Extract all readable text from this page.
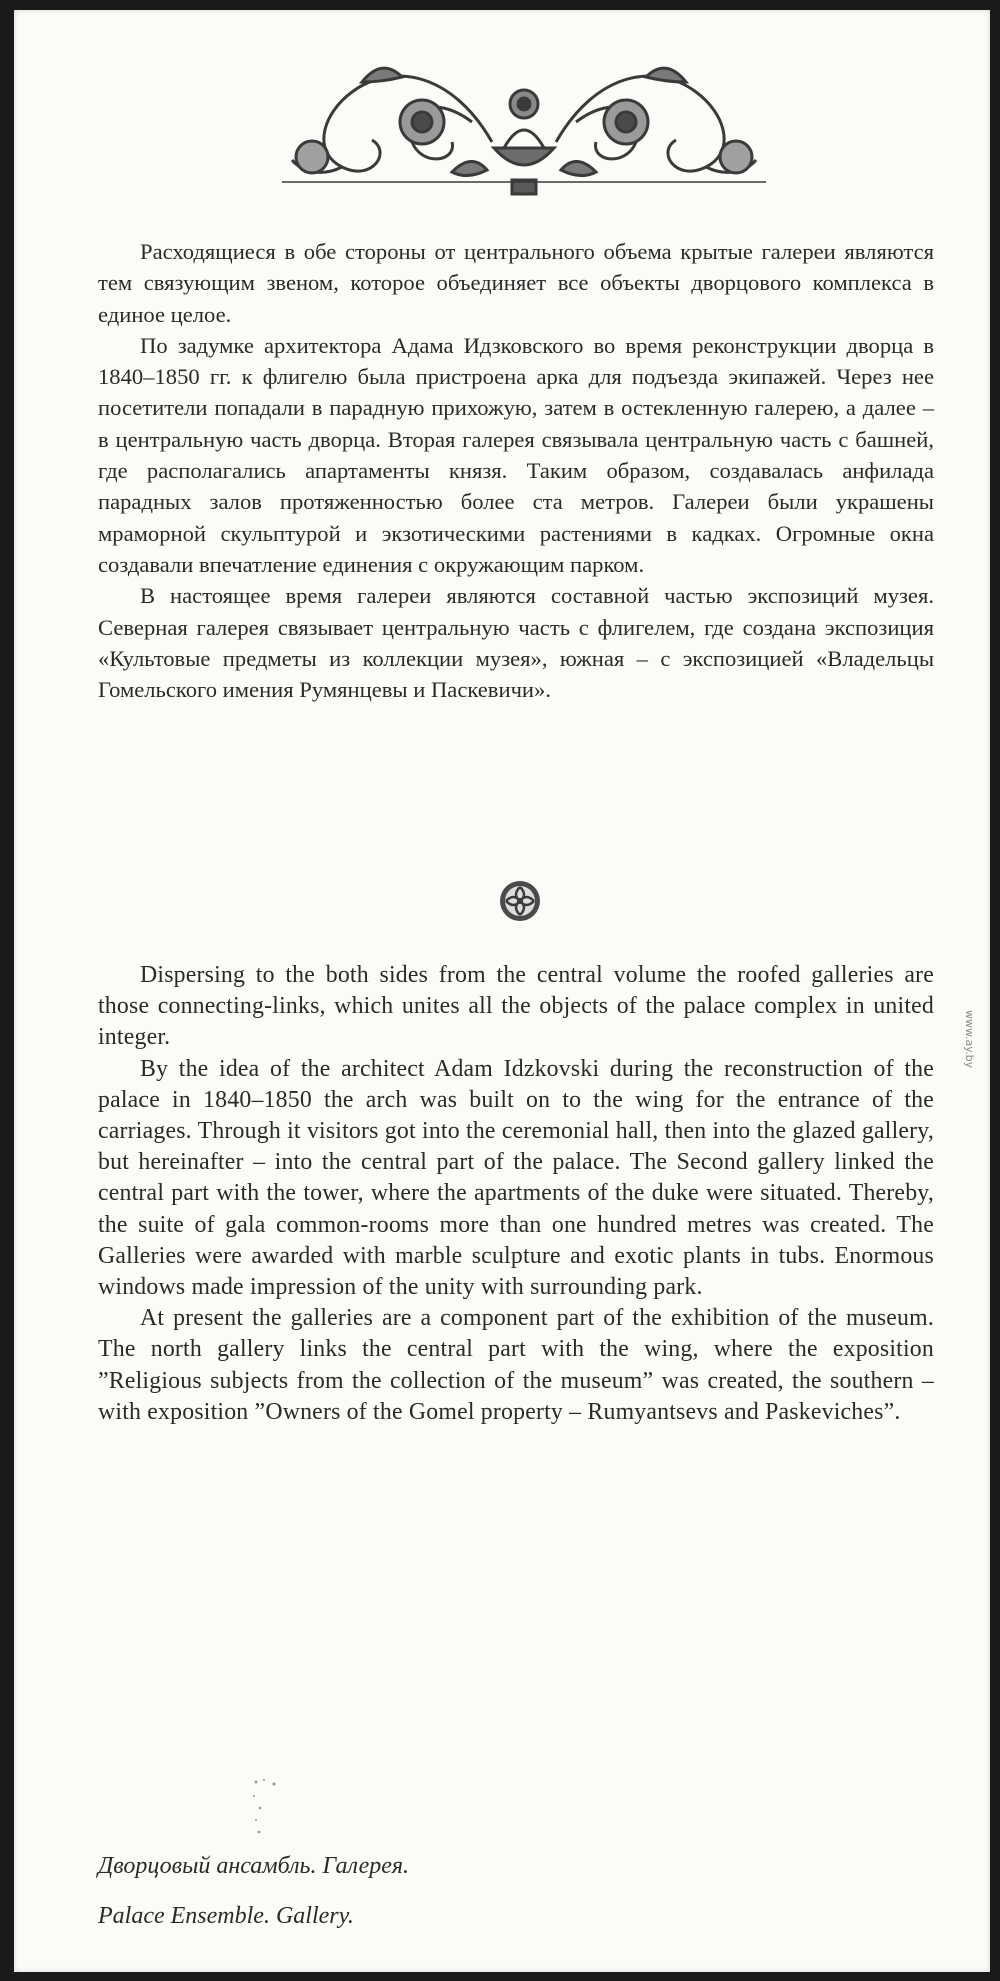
Расходящиеся в обе стороны от центрального объема крытые галереи являются тем связующим звеном, которое объединяет все объекты дворцового комплекса в единое целое.

По задумке архитектора Адама Идзковского во время реконструкции дворца в 1840–1850 гг. к флигелю была пристроена арка для подъезда экипажей. Через нее посетители попадали в парадную прихожую, затем в остекленную галерею, а далее – в центральную часть дворца. Вторая галерея связывала центральную часть с башней, где располагались апартаменты князя. Таким образом, создавалась анфилада парадных залов протяженностью более ста метров. Галереи были украшены мраморной скульптурой и экзотическими растениями в кадках. Огромные окна создавали впечатление единения с окружающим парком.

В настоящее время галереи являются составной частью экспозиций музея. Северная галерея связывает центральную часть с флигелем, где создана экспозиция «Культовые предметы из коллекции музея», южная – с экспозицией «Владельцы Гомельского имения Румянцевы и Паскевичи».

Dispersing to the both sides from the central volume the roofed galleries are those connecting-links, which unites all the objects of the palace complex in united integer.

By the idea of the architect Adam Idzkovski during the reconstruction of the palace in 1840–1850 the arch was built on to the wing for the entrance of the carriages. Through it visitors got into the ceremonial hall, then into the glazed gallery, but hereinafter – into the central part of the palace. The Second gallery linked the central part with the tower, where the apartments of the duke were situated. Thereby, the suite of gala common-rooms more than one hundred metres was created. The Galleries were awarded with marble sculpture and exotic plants in tubs. Enormous windows made impression of the unity with surrounding park.

At present the galleries are a component part of the exhibition of the museum. The north gallery links the central part with the wing, where the exposition ”Religious subjects from the collection of the museum” was created, the southern – with exposition ”Owners of the Gomel property – Rumyantsevs and Paskeviches”.

Дворцовый ансамбль. Галерея.
Palace Ensemble. Gallery.
www.ay.by
